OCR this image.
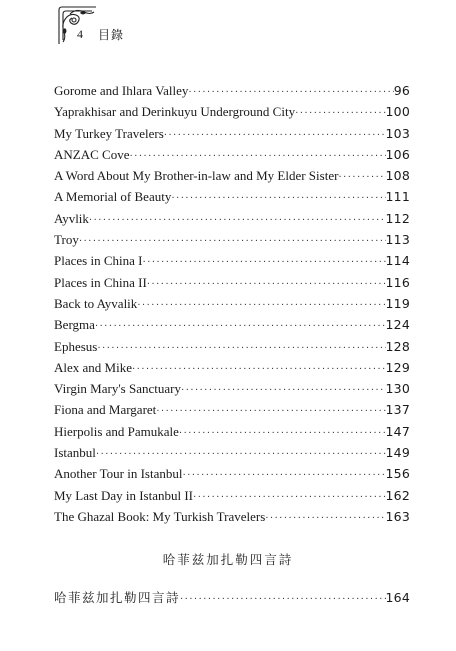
4 目錄
Gorome and Ihlara Valley ·····	96
Yaprakhisar and Derinkuyu Underground City ·····	100
My Turkey Travelers ·····	103
ANZAC Cove ·····	106
A Word About My Brother-in-law and My Elder Sister ·····	108
A Memorial of Beauty ·····	111
Ayvlik ·····	112
Troy ·····	113
Places in China I ·····	114
Places in China II ·····	116
Back to Ayvalik ·····	119
Bergma ·····	124
Ephesus ·····	128
Alex and Mike ·····	129
Virgin Mary's Sanctuary ·····	130
Fiona and Margaret ·····	137
Hierpolis and Pamukale ·····	147
Istanbul ·····	149
Another Tour in Istanbul ·····	156
My Last Day in Istanbul II ·····	162
The Ghazal Book: My Turkish Travelers ·····	163
哈菲兹加扎勒四言詩
哈菲兹加扎勒四言詩 ·····	164
